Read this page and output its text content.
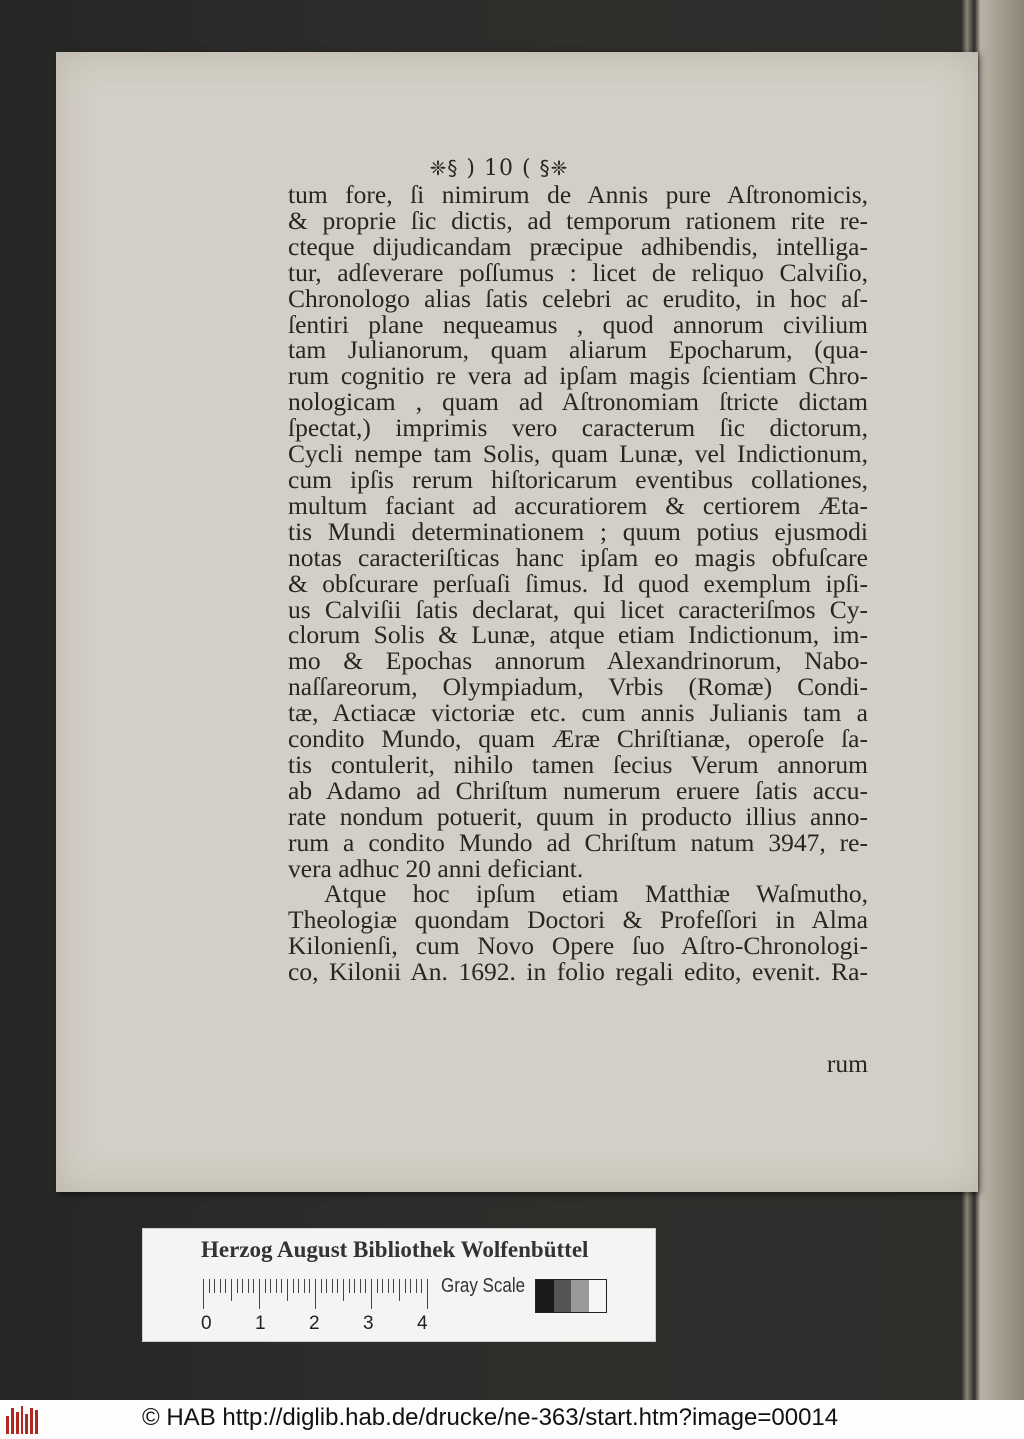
❈§ ) 10 ( §❈
tum fore, ſi nimirum de Annis pure Aſtronomicis,
& proprie ſic dictis, ad temporum rationem rite re-
cteque dijudicandam præcipue adhibendis, intelliga-
tur, adſeverare poſſumus : licet de reliquo Calviſio,
Chronologo alias ſatis celebri ac erudito, in hoc aſ-
ſentiri plane nequeamus , quod annorum civilium
tam Julianorum, quam aliarum Epocharum, (qua-
rum cognitio re vera ad ipſam magis ſcientiam Chro-
nologicam , quam ad Aſtronomiam ſtricte dictam
ſpectat,) imprimis vero caracterum ſic dictorum,
Cycli nempe tam Solis, quam Lunæ, vel Indictionum,
cum ipſis rerum hiſtoricarum eventibus collationes,
multum faciant ad accuratiorem & certiorem Æta-
tis Mundi determinationem ; quum potius ejusmodi
notas caracteriſticas hanc ipſam eo magis obfuſcare
& obſcurare perſuaſi ſimus. Id quod exemplum ipſi-
us Calviſii ſatis declarat, qui licet caracteriſmos Cy-
clorum Solis & Lunæ, atque etiam Indictionum, im-
mo & Epochas annorum Alexandrinorum, Nabo-
naſſareorum, Olympiadum, Vrbis (Romæ) Condi-
tæ, Actiacæ victoriæ etc. cum annis Julianis tam a
condito Mundo, quam Æræ Chriſtianæ, operoſe ſa-
tis contulerit, nihilo tamen ſecius Verum annorum
ab Adamo ad Chriſtum numerum eruere ſatis accu-
rate nondum potuerit, quum in producto illius anno-
rum a condito Mundo ad Chriſtum natum 3947, re-
vera adhuc 20 anni deficiant.
Atque hoc ipſum etiam Matthiæ Waſmutho,
Theologiæ quondam Doctori & Profeſſori in Alma
Kilonienſi, cum Novo Opere ſuo Aſtro-Chronologi-
co, Kilonii An. 1692. in folio regali edito, evenit. Ra-
rum
Herzog August Bibliothek Wolfenbüttel
0 1 2 3 4
Gray Scale
© HAB http://diglib.hab.de/drucke/ne-363/start.htm?image=00014
